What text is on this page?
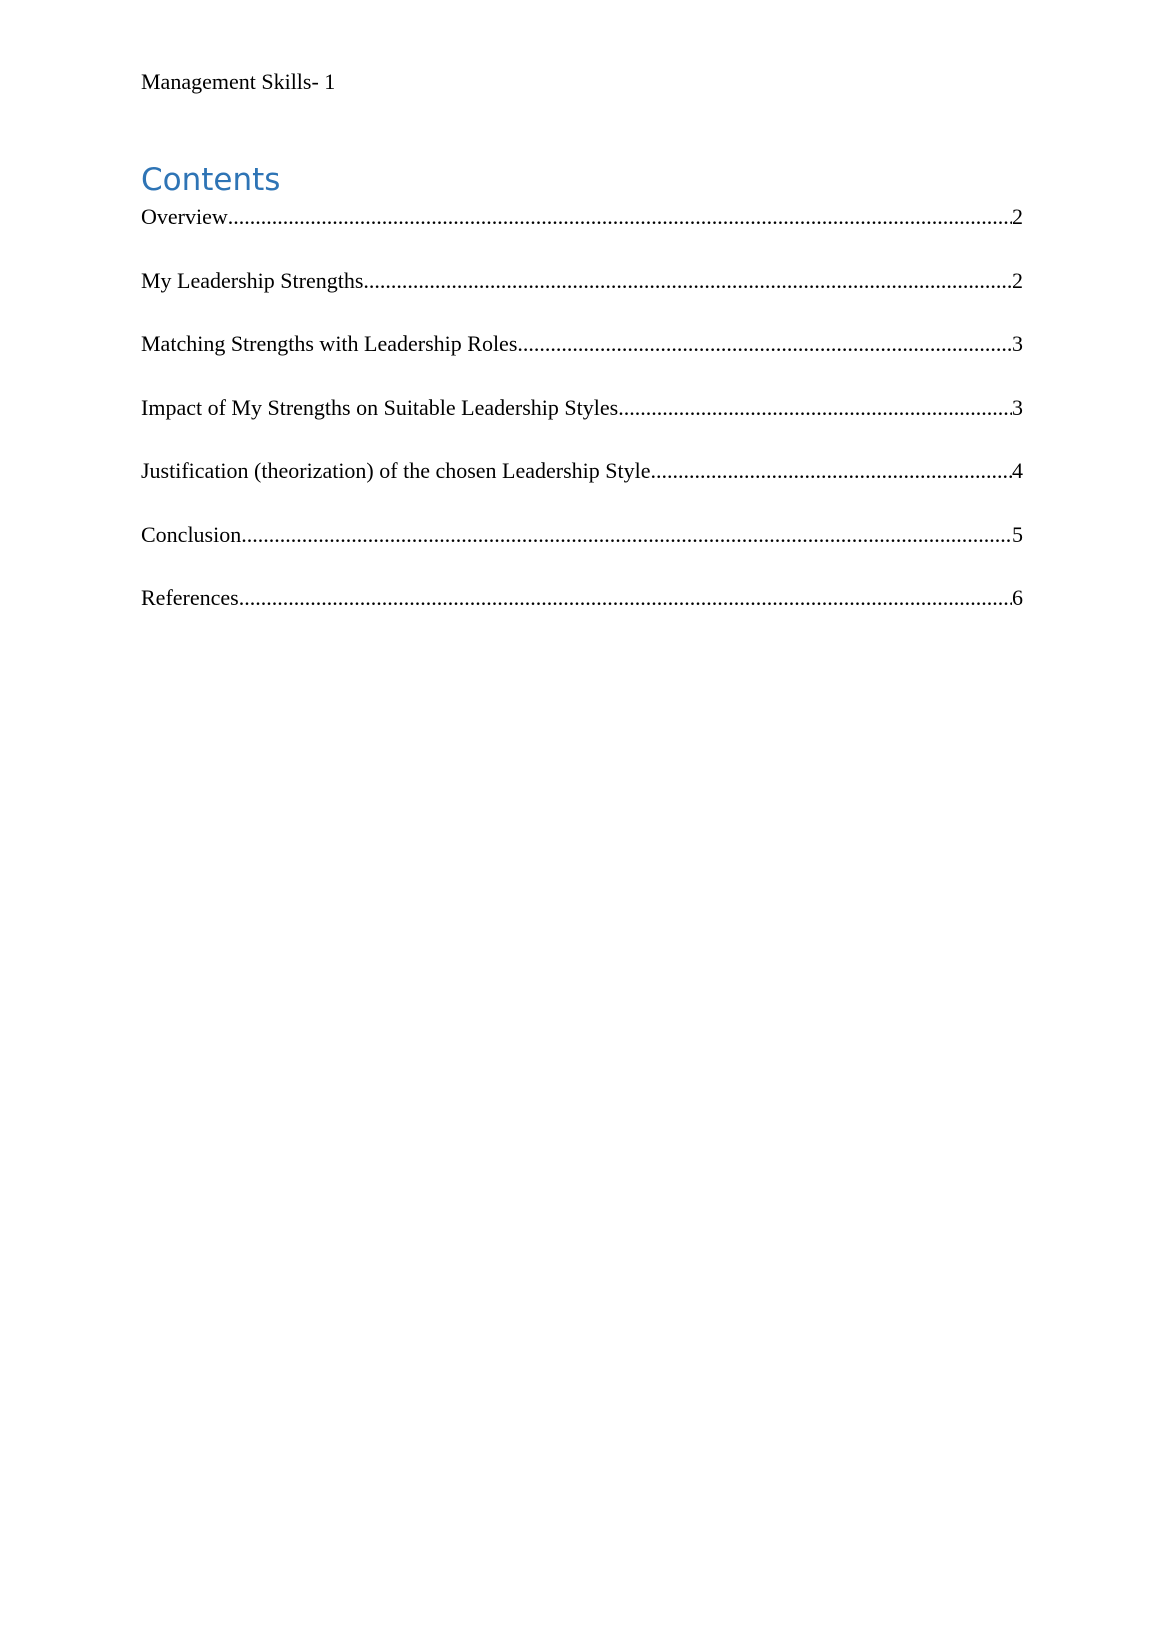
Management Skills- 1
Contents
Overview .....	2
My Leadership Strengths .....	2
Matching Strengths with Leadership Roles .....	3
Impact of My Strengths on Suitable Leadership Styles .....	3
Justification (theorization) of the chosen Leadership Style .....	4
Conclusion .....	5
References .....	6
